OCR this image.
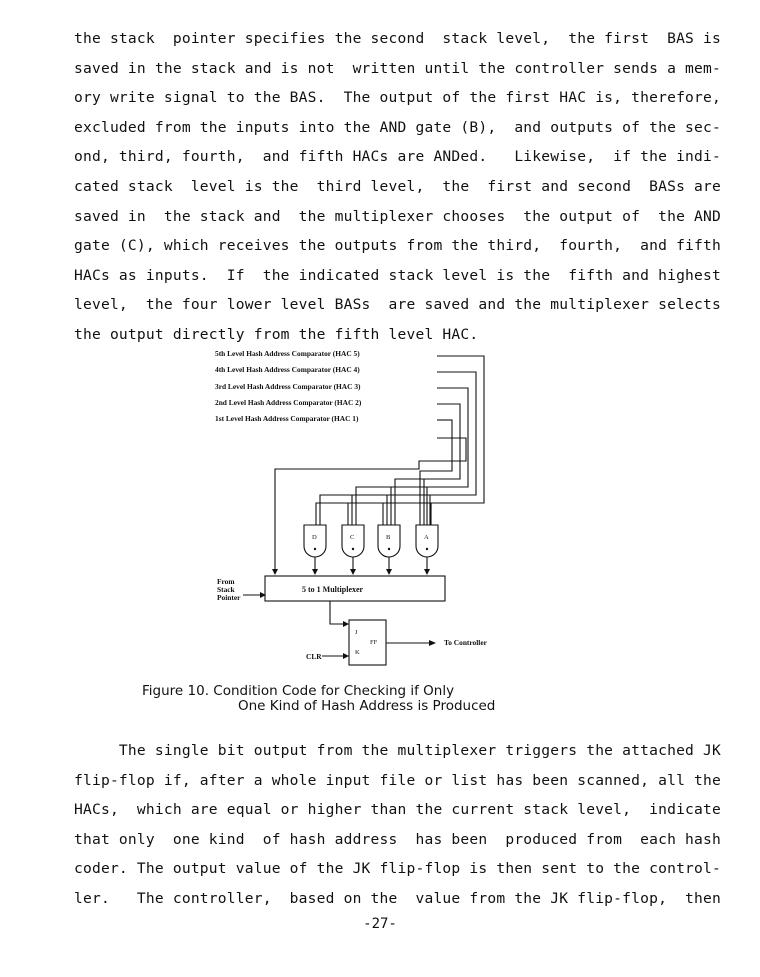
the stack  pointer specifies the second  stack level,  the first  BAS is
saved in the stack and is not  written until the controller sends a mem-
ory write signal to the BAS.  The output of the first HAC is, therefore,
excluded from the inputs into the AND gate (B),  and outputs of the sec-
ond, third, fourth,  and fifth HACs are ANDed.   Likewise,  if the indi-
cated stack  level is the  third level,  the  first and second  BASs are
saved in  the stack and  the multiplexer chooses  the output of  the AND
gate (C), which receives the outputs from the third,  fourth,  and fifth
HACs as inputs.  If  the indicated stack level is the  fifth and highest
level,  the four lower level BASs  are saved and the multiplexer selects
the output directly from the fifth level HAC.
5th Level Hash Address Comparator (HAC 5)
4th Level Hash Address Comparator (HAC 4)
3rd Level Hash Address Comparator (HAC 3)
2nd Level Hash Address Comparator (HAC 2)
1st Level Hash Address Comparator (HAC 1)
D	C	B	A
5 to 1 Multiplexer
From
Stack
Pointer
J
FF
K
CLR
To Controller
Figure 10. Condition Code for Checking if Only
One Kind of Hash Address is Produced
The single bit output from the multiplexer triggers the attached JK
flip-flop if, after a whole input file or list has been scanned, all the
HACs,  which are equal or higher than the current stack level,  indicate
that only  one kind  of hash address  has been  produced from  each hash
coder. The output value of the JK flip-flop is then sent to the control-
ler.   The controller,  based on the  value from the JK flip-flop,  then
-27-
